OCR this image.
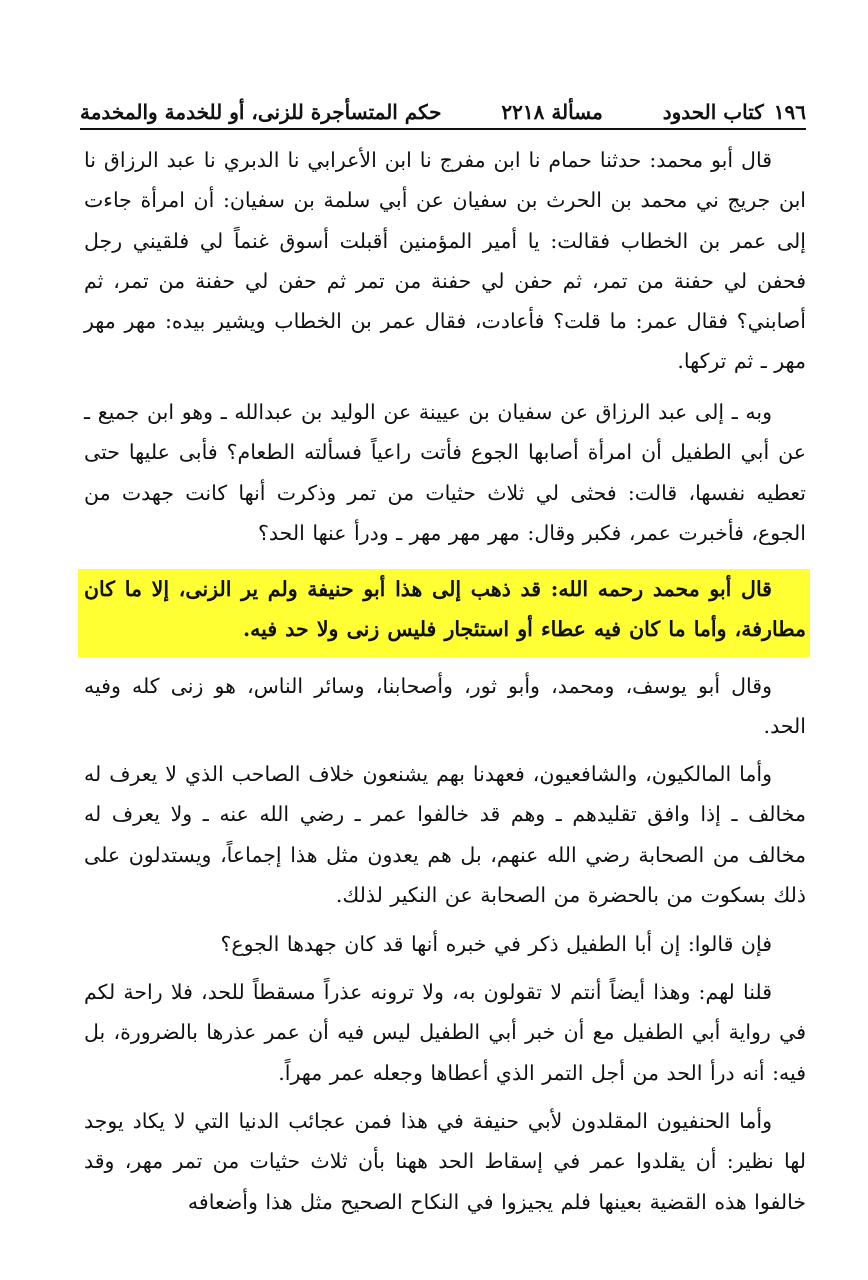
١٩٦
كتاب الحدود
مسألة ٢٢١٨
حكم المتسأجرة للزنى، أو للخدمة والمخدمة

قال أبو محمد: حدثنا حمام نا ابن مفرج نا ابن الأعرابي نا الدبري نا عبد الرزاق نا ابن جريج ني محمد بن الحرث بن سفيان عن أبي سلمة بن سفيان: أن امرأة جاءت إلى عمر بن الخطاب فقالت: يا أمير المؤمنين أقبلت أسوق غنماً لي فلقيني رجل فحفن لي حفنة من تمر، ثم حفن لي حفنة من تمر ثم حفن لي حفنة من تمر، ثم أصابني؟ فقال عمر: ما قلت؟ فأعادت، فقال عمر بن الخطاب ويشير بيده: مهر مهر مهر ـ ثم تركها.

وبه ـ إلى عبد الرزاق عن سفيان بن عيينة عن الوليد بن عبدالله ـ وهو ابن جميع ـ عن أبي الطفيل أن امرأة أصابها الجوع فأتت راعياً فسألته الطعام؟ فأبى عليها حتى تعطيه نفسها، قالت: فحثى لي ثلاث حثيات من تمر وذكرت أنها كانت جهدت من الجوع، فأخبرت عمر، فكبر وقال: مهر مهر مهر ـ ودرأ عنها الحد؟

قال أبو محمد رحمه الله: قد ذهب إلى هذا أبو حنيفة ولم ير الزنى، إلا ما كان مطارفة، وأما ما كان فيه عطاء أو استئجار فليس زنى ولا حد فيه.

وقال أبو يوسف، ومحمد، وأبو ثور، وأصحابنا، وسائر الناس، هو زنى كله وفيه الحد.

وأما المالكيون، والشافعيون، فعهدنا بهم يشنعون خلاف الصاحب الذي لا يعرف له مخالف ـ إذا وافق تقليدهم ـ وهم قد خالفوا عمر ـ رضي الله عنه ـ ولا يعرف له مخالف من الصحابة رضي الله عنهم، بل هم يعدون مثل هذا إجماعاً، ويستدلون على ذلك بسكوت من بالحضرة من الصحابة عن النكير لذلك.

فإن قالوا: إن أبا الطفيل ذكر في خبره أنها قد كان جهدها الجوع؟

قلنا لهم: وهذا أيضاً أنتم لا تقولون به، ولا ترونه عذراً مسقطاً للحد، فلا راحة لكم في رواية أبي الطفيل مع أن خبر أبي الطفيل ليس فيه أن عمر عذرها بالضرورة، بل فيه: أنه درأ الحد من أجل التمر الذي أعطاها وجعله عمر مهراً.

وأما الحنفيون المقلدون لأبي حنيفة في هذا فمن عجائب الدنيا التي لا يكاد يوجد لها نظير: أن يقلدوا عمر في إسقاط الحد ههنا بأن ثلاث حثيات من تمر مهر، وقد خالفوا هذه القضية بعينها فلم يجيزوا في النكاح الصحيح مثل هذا وأضعافه
